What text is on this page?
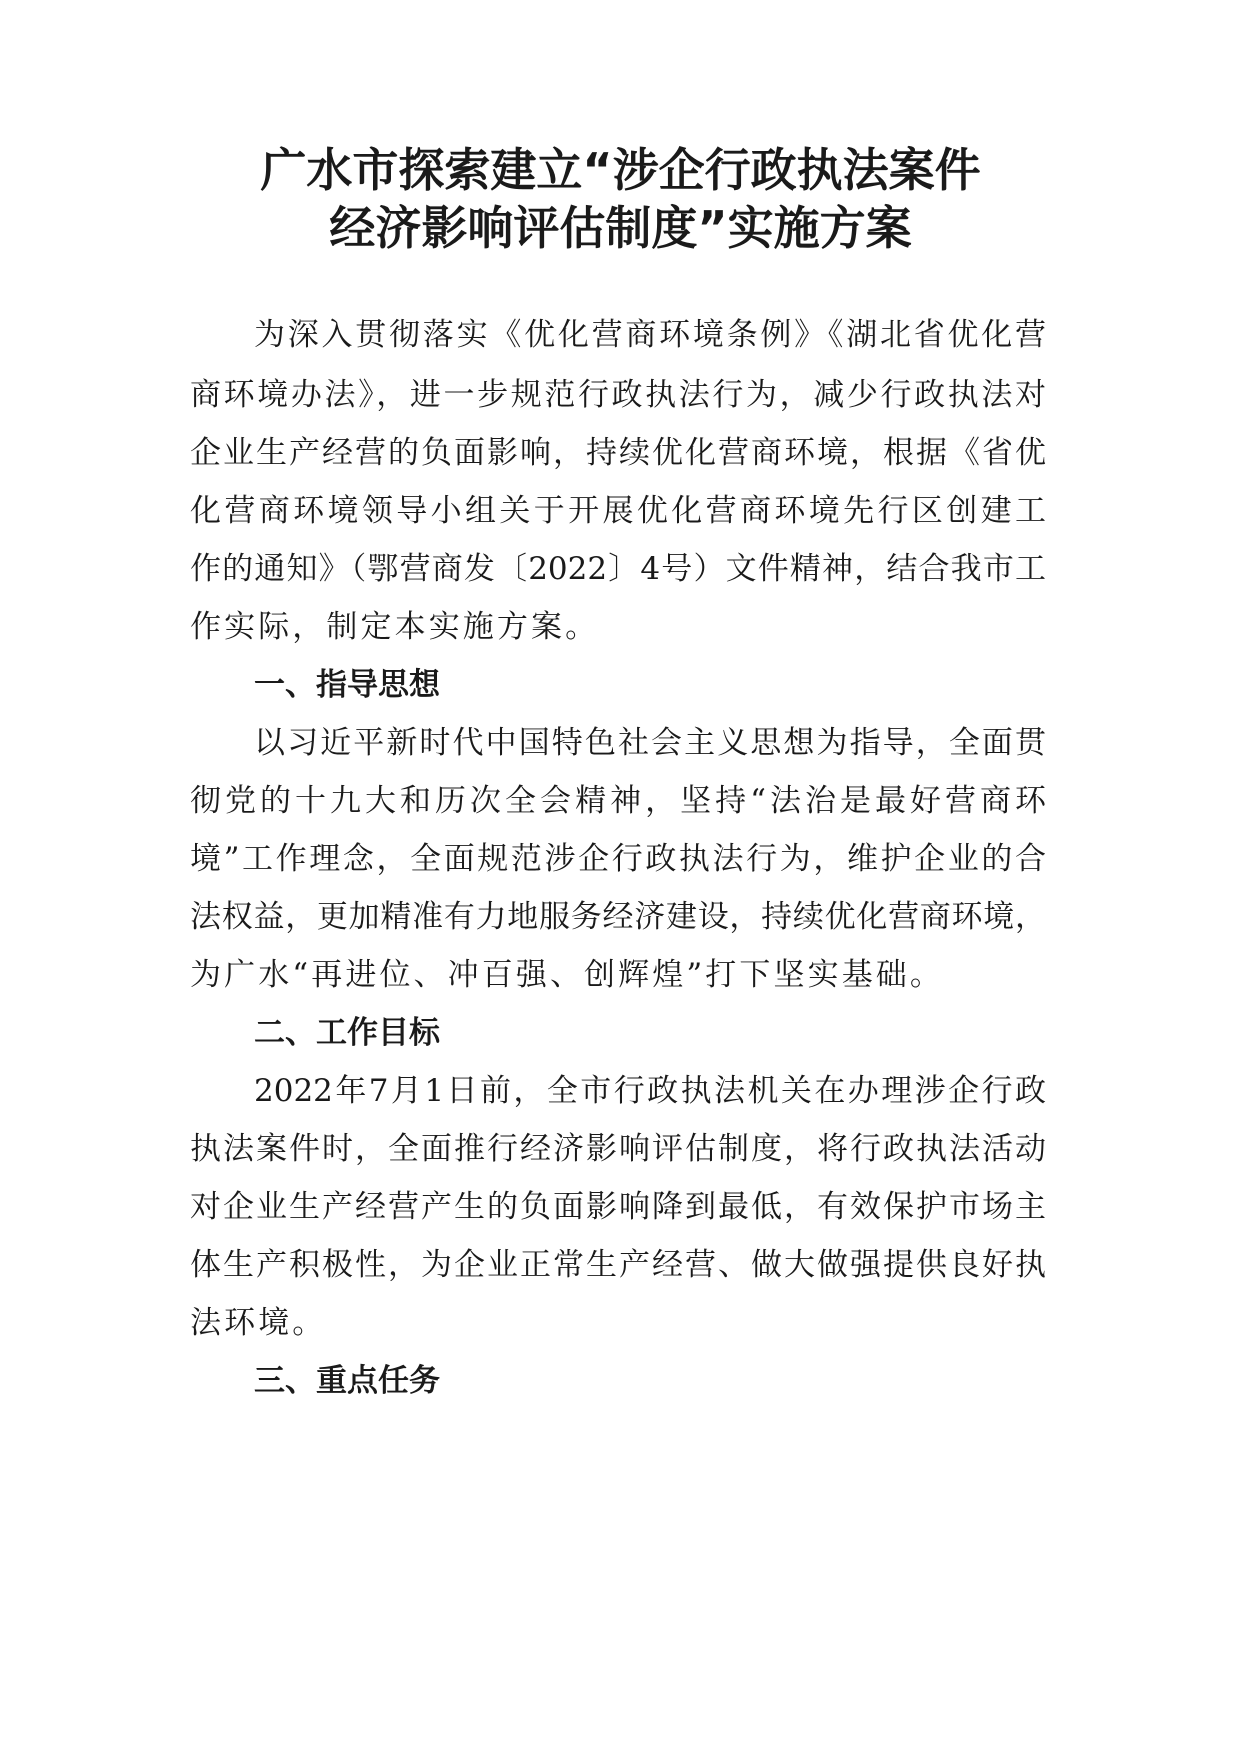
广水市探索建立“涉企行政执法案件
经济影响评估制度”实施方案
为深入贯彻落实《优化营商环境条例》《湖北省优化营
商环境办法》，进一步规范行政执法行为，减少行政执法对
企业生产经营的负面影响，持续优化营商环境，根据《省优
化营商环境领导小组关于开展优化营商环境先行区创建工
作的通知》（鄂营商发〔2022〕4号）文件精神，结合我市工
作实际，制定本实施方案。
一、指导思想
以习近平新时代中国特色社会主义思想为指导，全面贯
彻党的十九大和历次全会精神，坚持“法治是最好营商环
境”工作理念，全面规范涉企行政执法行为，维护企业的合
法权益，更加精准有力地服务经济建设，持续优化营商环境，
为广水“再进位、冲百强、创辉煌”打下坚实基础。
二、工作目标
2022年7月1日前，全市行政执法机关在办理涉企行政
执法案件时，全面推行经济影响评估制度，将行政执法活动
对企业生产经营产生的负面影响降到最低，有效保护市场主
体生产积极性，为企业正常生产经营、做大做强提供良好执
法环境。
三、重点任务
